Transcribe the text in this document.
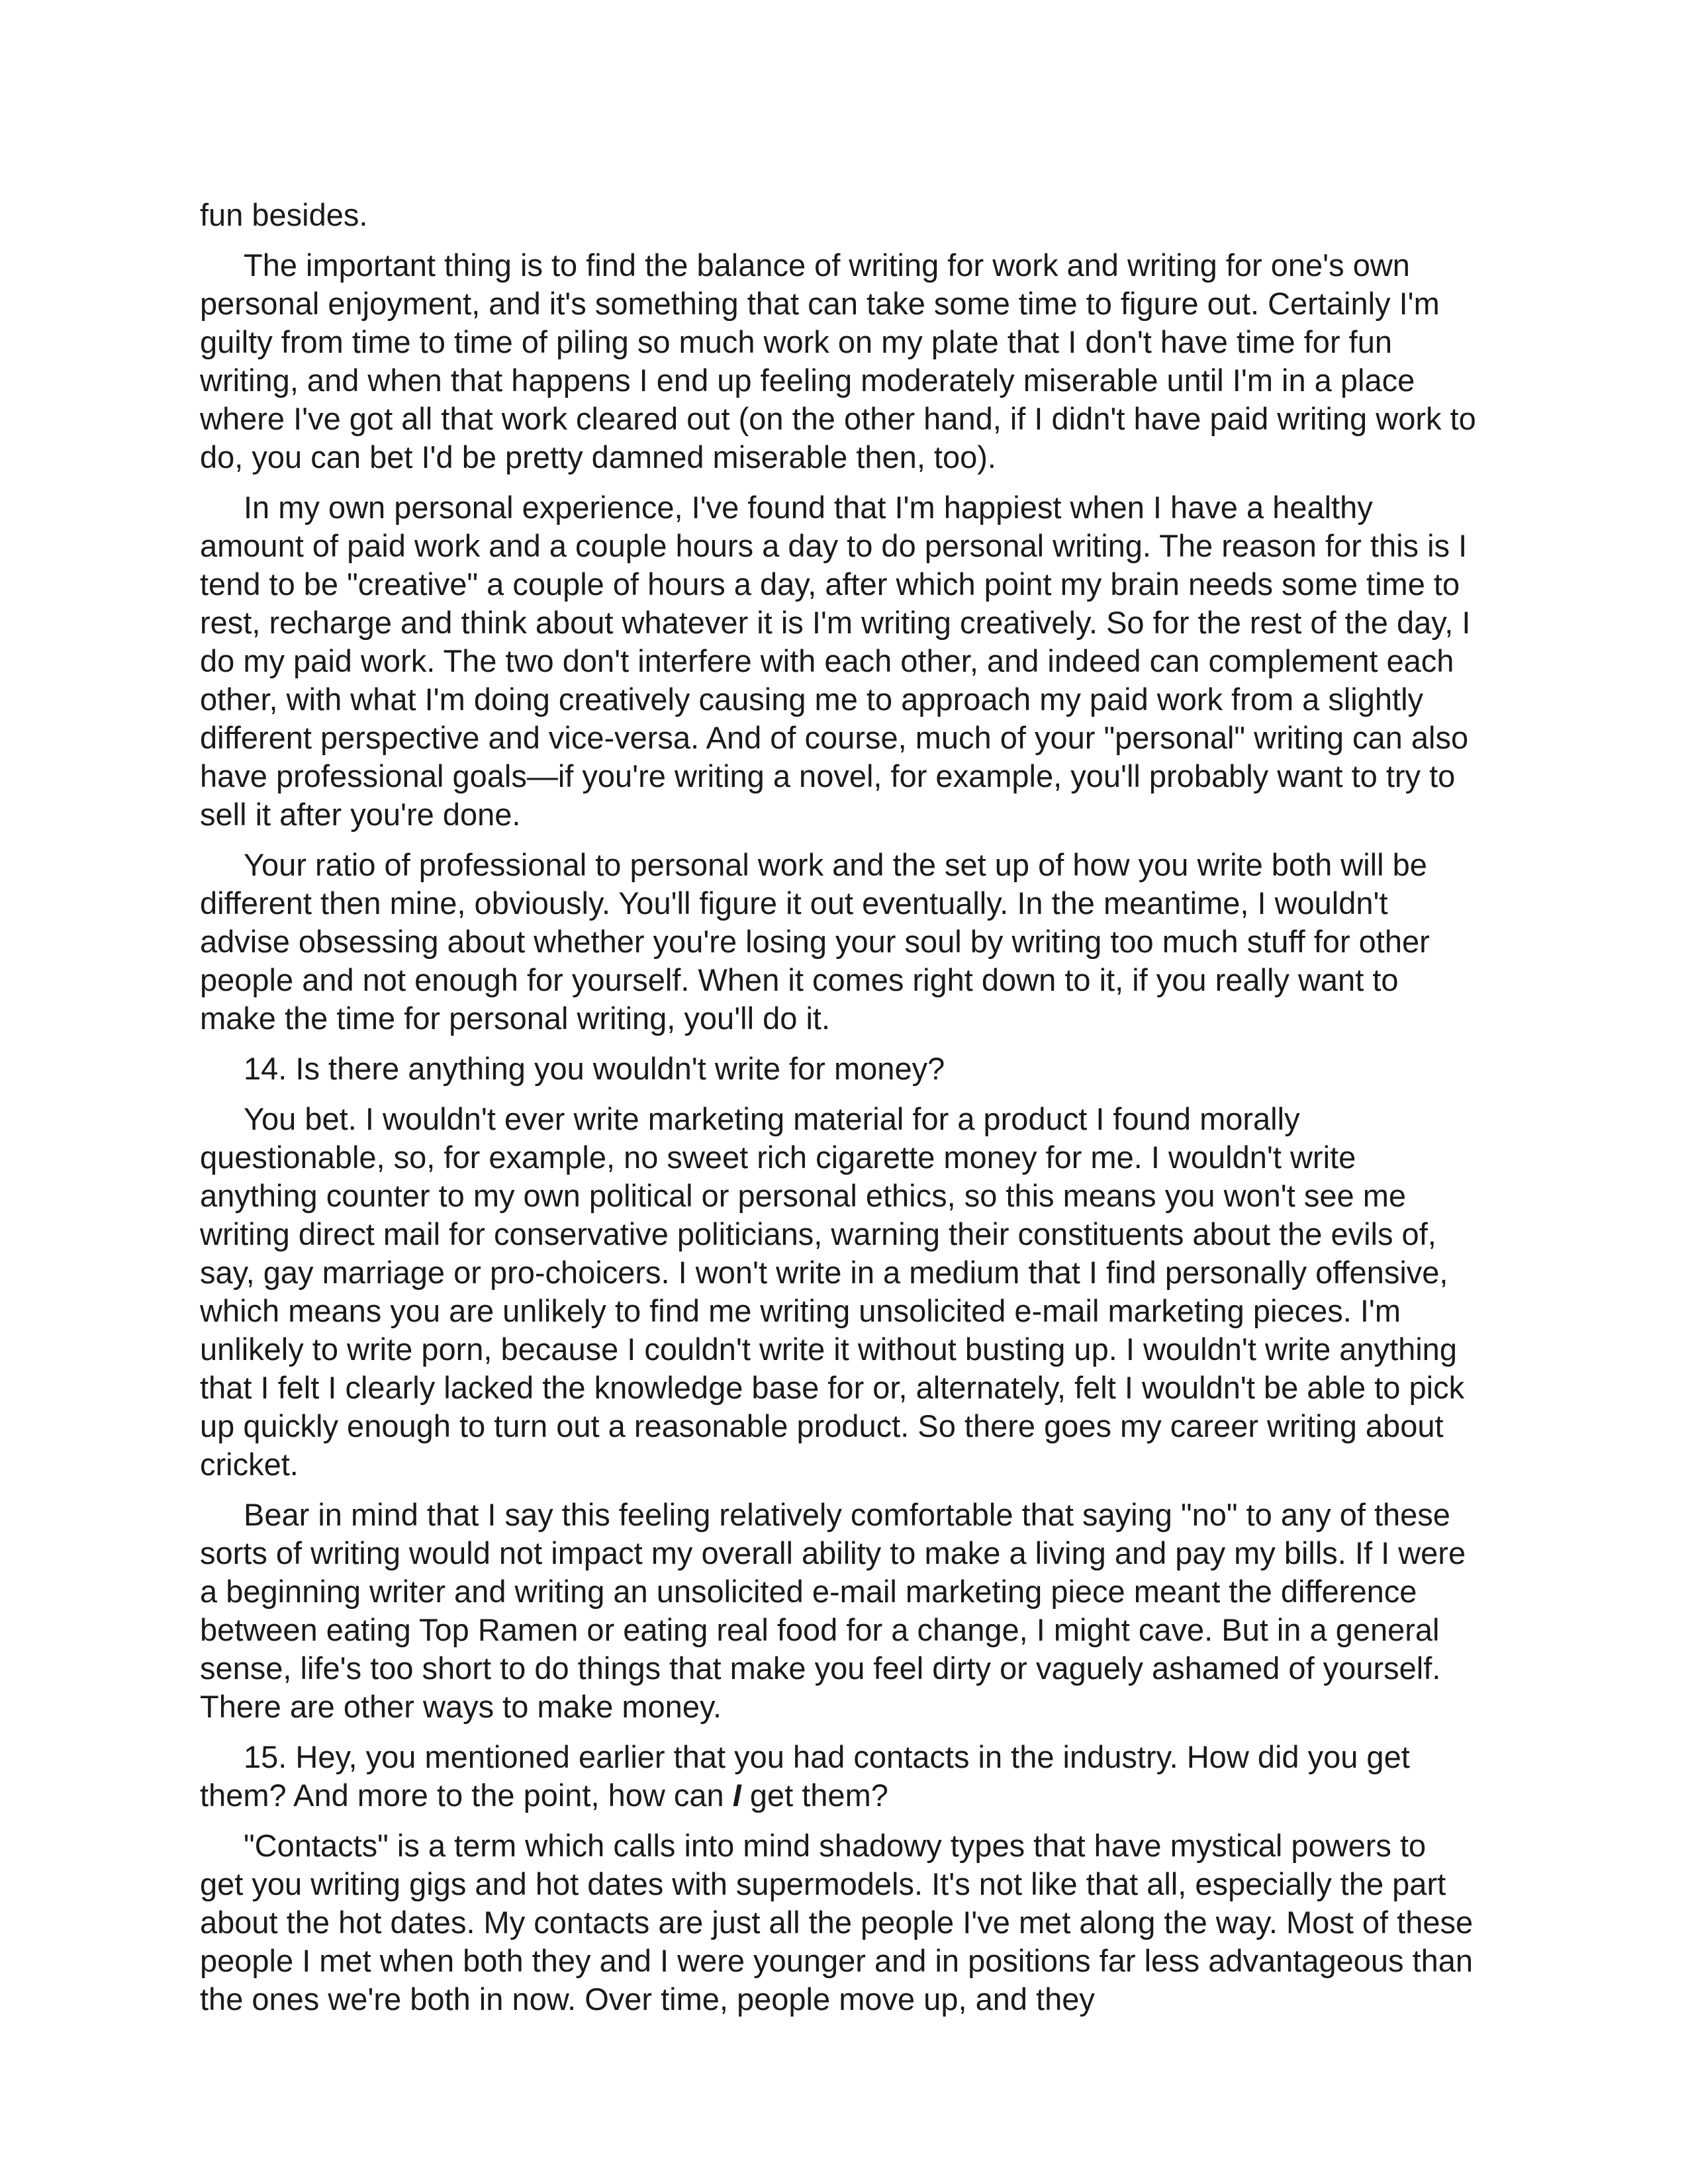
fun besides.

The important thing is to find the balance of writing for work and writing for one's own personal enjoyment, and it's something that can take some time to figure out. Certainly I'm guilty from time to time of piling so much work on my plate that I don't have time for fun writing, and when that happens I end up feeling moderately miserable until I'm in a place where I've got all that work cleared out (on the other hand, if I didn't have paid writing work to do, you can bet I'd be pretty damned miserable then, too).

In my own personal experience, I've found that I'm happiest when I have a healthy amount of paid work and a couple hours a day to do personal writing. The reason for this is I tend to be "creative" a couple of hours a day, after which point my brain needs some time to rest, recharge and think about whatever it is I'm writing creatively. So for the rest of the day, I do my paid work. The two don't interfere with each other, and indeed can complement each other, with what I'm doing creatively causing me to approach my paid work from a slightly different perspective and vice-versa. And of course, much of your "personal" writing can also have professional goals—if you're writing a novel, for example, you'll probably want to try to sell it after you're done.

Your ratio of professional to personal work and the set up of how you write both will be different then mine, obviously. You'll figure it out eventually. In the meantime, I wouldn't advise obsessing about whether you're losing your soul by writing too much stuff for other people and not enough for yourself. When it comes right down to it, if you really want to make the time for personal writing, you'll do it.

14. Is there anything you wouldn't write for money?

You bet. I wouldn't ever write marketing material for a product I found morally questionable, so, for example, no sweet rich cigarette money for me. I wouldn't write anything counter to my own political or personal ethics, so this means you won't see me writing direct mail for conservative politicians, warning their constituents about the evils of, say, gay marriage or pro-choicers. I won't write in a medium that I find personally offensive, which means you are unlikely to find me writing unsolicited e-mail marketing pieces. I'm unlikely to write porn, because I couldn't write it without busting up. I wouldn't write anything that I felt I clearly lacked the knowledge base for or, alternately, felt I wouldn't be able to pick up quickly enough to turn out a reasonable product. So there goes my career writing about cricket.

Bear in mind that I say this feeling relatively comfortable that saying "no" to any of these sorts of writing would not impact my overall ability to make a living and pay my bills. If I were a beginning writer and writing an unsolicited e-mail marketing piece meant the difference between eating Top Ramen or eating real food for a change, I might cave. But in a general sense, life's too short to do things that make you feel dirty or vaguely ashamed of yourself. There are other ways to make money.

15. Hey, you mentioned earlier that you had contacts in the industry. How did you get them? And more to the point, how can I get them?

"Contacts" is a term which calls into mind shadowy types that have mystical powers to get you writing gigs and hot dates with supermodels. It's not like that all, especially the part about the hot dates. My contacts are just all the people I've met along the way. Most of these people I met when both they and I were younger and in positions far less advantageous than the ones we're both in now. Over time, people move up, and they
